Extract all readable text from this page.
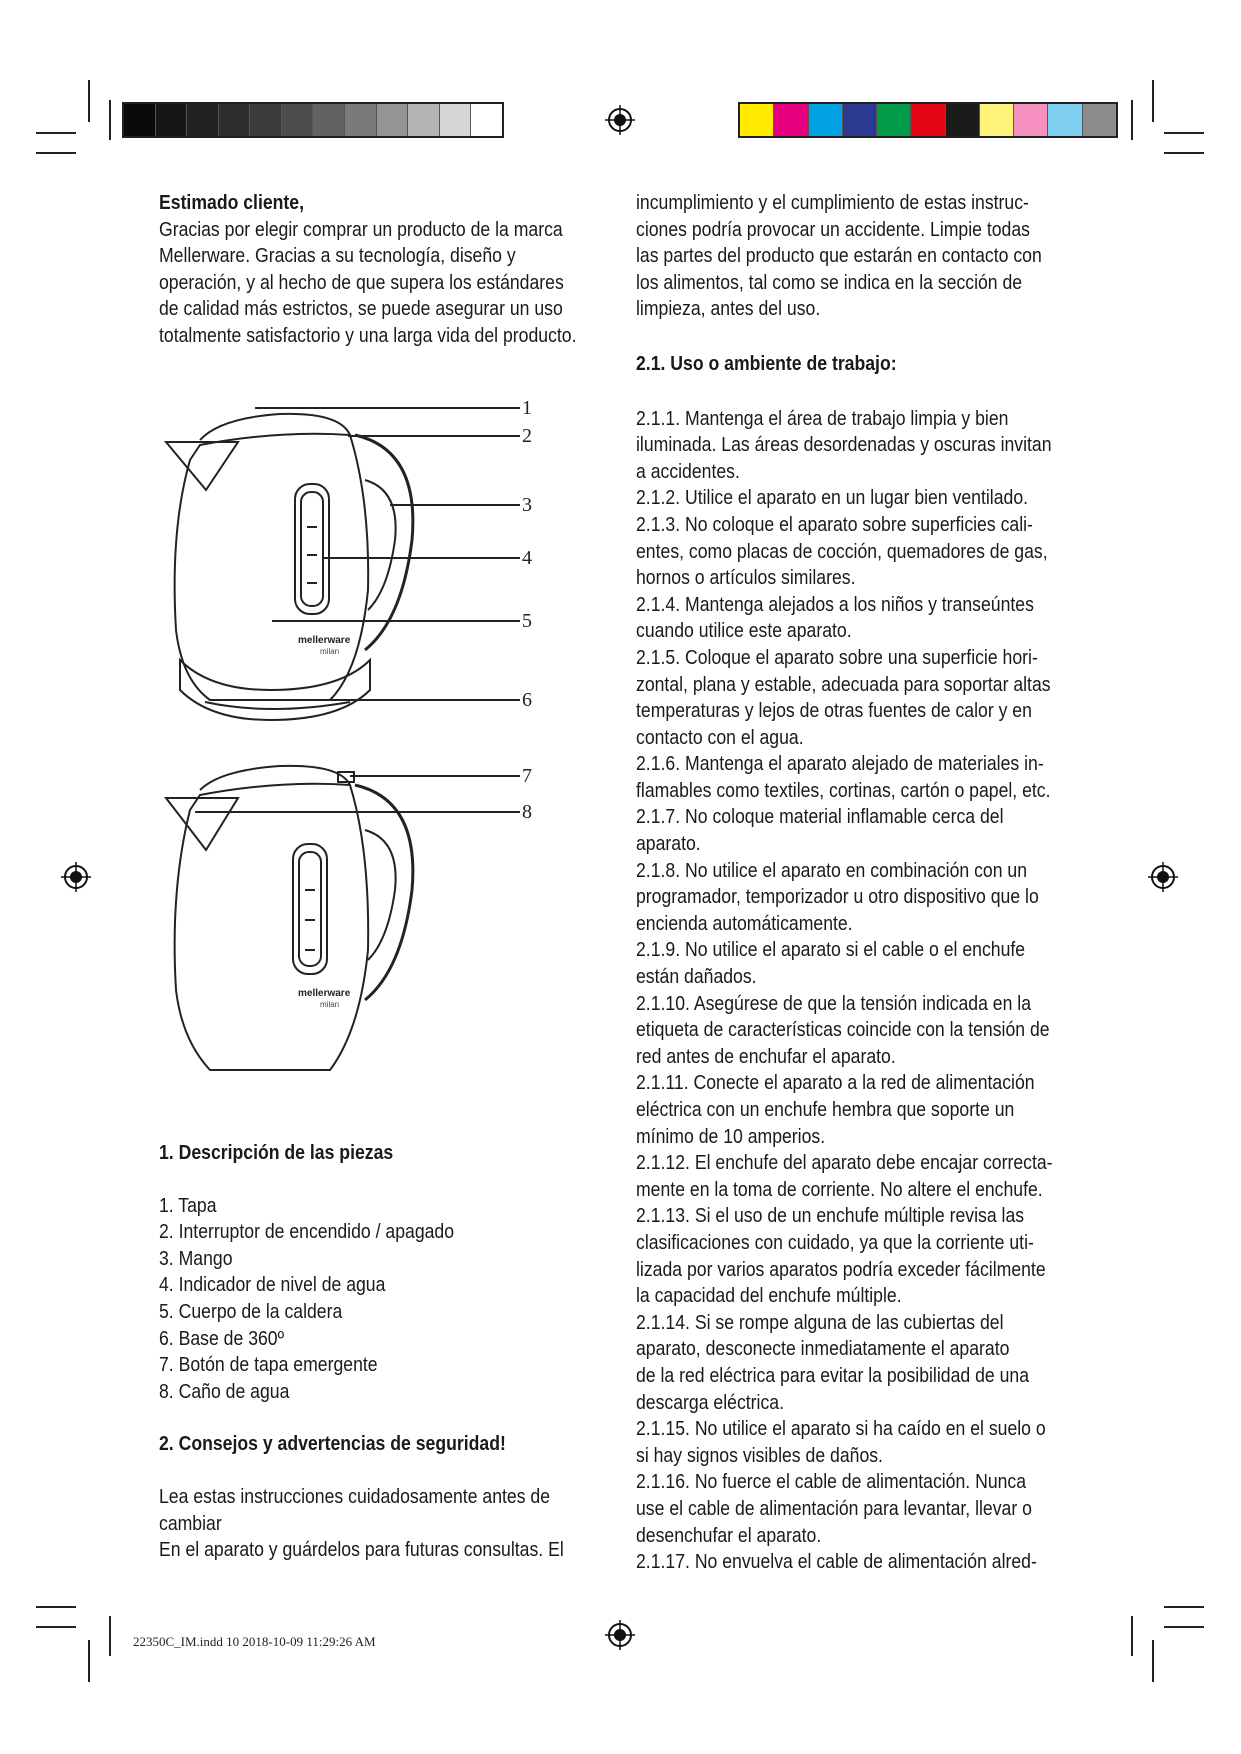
Estimado cliente,

Gracias por elegir comprar un producto de la marca

Mellerware. Gracias a su tecnología, diseño y

operación, y al hecho de que supera los estándares

de calidad más estrictos, se puede asegurar un uso

totalmente satisfactorio y una larga vida del producto.

mellerware
milan
mellerware
milan
1
2
3
4
5
6
7
8

1. Descripción de las piezas

1. Tapa

2. Interruptor de encendido / apagado

3. Mango

4. Indicador de nivel de agua

5. Cuerpo de la caldera

6. Base de 360º

7. Botón de tapa emergente

8. Caño de agua

2. Consejos y advertencias de seguridad!

Lea estas instrucciones cuidadosamente antes de

cambiar

En el aparato y guárdelos para futuras consultas. El

incumplimiento y el cumplimiento de estas instruc-

ciones podría provocar un accidente. Limpie todas

las partes del producto que estarán en contacto con

los alimentos, tal como se indica en la sección de

limpieza, antes del uso.

2.1. Uso o ambiente de trabajo:

2.1.1. Mantenga el área de trabajo limpia y bien

iluminada. Las áreas desordenadas y oscuras invitan

a accidentes.

2.1.2. Utilice el aparato en un lugar bien ventilado.

2.1.3. No coloque el aparato sobre superficies cali-

entes, como placas de cocción, quemadores de gas,

hornos o artículos similares.

2.1.4. Mantenga alejados a los niños y transeúntes

cuando utilice este aparato.

2.1.5. Coloque el aparato sobre una superficie hori-

zontal, plana y estable, adecuada para soportar altas

temperaturas y lejos de otras fuentes de calor y en

contacto con el agua.

2.1.6. Mantenga el aparato alejado de materiales in-

flamables como textiles, cortinas, cartón o papel, etc.

2.1.7. No coloque material inflamable cerca del

aparato.

2.1.8. No utilice el aparato en combinación con un

programador, temporizador u otro dispositivo que lo

encienda automáticamente.

2.1.9. No utilice el aparato si el cable o el enchufe

están dañados.

2.1.10. Asegúrese de que la tensión indicada en la

etiqueta de características coincide con la tensión de

red antes de enchufar el aparato.

2.1.11. Conecte el aparato a la red de alimentación

eléctrica con un enchufe hembra que soporte un

mínimo de 10 amperios.

2.1.12. El enchufe del aparato debe encajar correcta-

mente en la toma de corriente. No altere el enchufe.

2.1.13. Si el uso de un enchufe múltiple revisa las

clasificaciones con cuidado, ya que la corriente uti-

lizada por varios aparatos podría exceder fácilmente

la capacidad del enchufe múltiple.

2.1.14. Si se rompe alguna de las cubiertas del

aparato, desconecte inmediatamente el aparato

de la red eléctrica para evitar la posibilidad de una

descarga eléctrica.

2.1.15. No utilice el aparato si ha caído en el suelo o

si hay signos visibles de daños.

2.1.16. No fuerce el cable de alimentación. Nunca

use el cable de alimentación para levantar, llevar o

desenchufar el aparato.

2.1.17. No envuelva el cable de alimentación alred-

22350C_IM.indd 10 2018-10-09 11:29:26 AM
